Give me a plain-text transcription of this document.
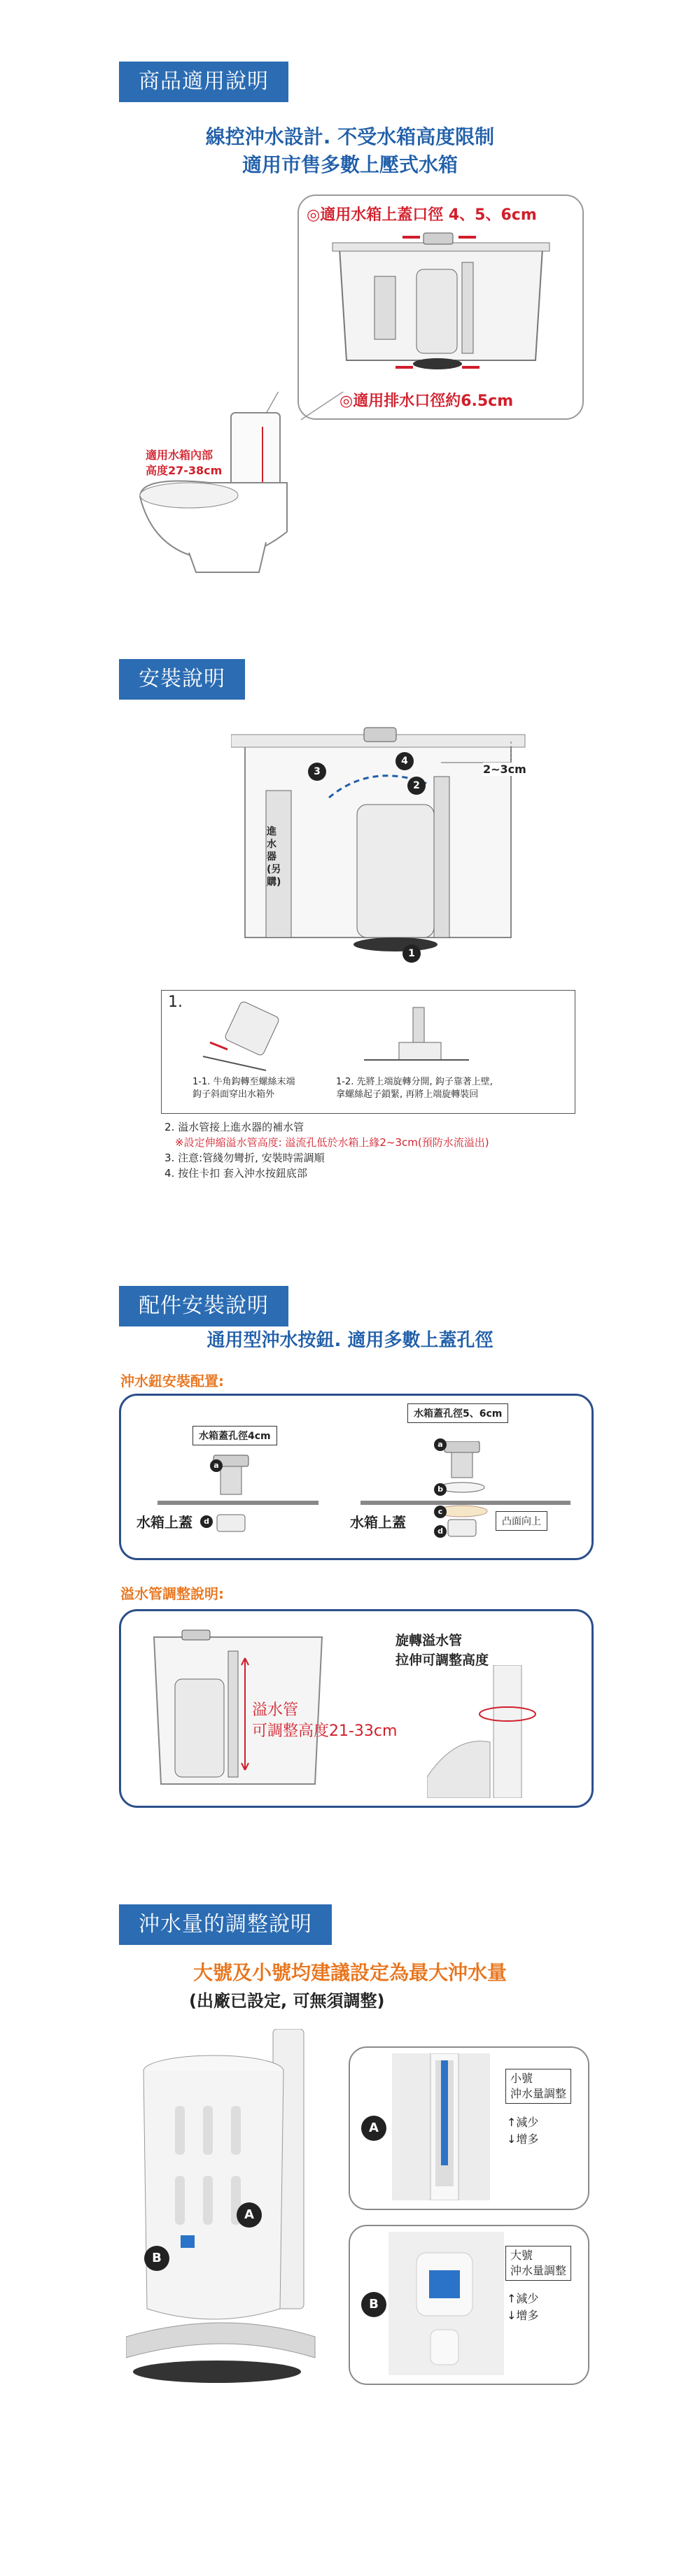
商品適用說明
線控沖水設計. 不受水箱高度限制
適用市售多數上壓式水箱
◎適用水箱上蓋口徑 4、5、6cm
◎適用排水口徑約6.5cm
適用水箱內部
高度27-38cm
安裝說明
2~3cm
進水器(另購)
1
2
3
4
1.
1-1. 牛角鈎轉至螺絲末端
鈎子斜面穿出水箱外
1-2. 先將上端旋轉分開, 鈎子靠著上壁,
拿螺絲起子鎖緊, 再將上端旋轉裝回
2. 溢水管接上進水器的補水管
※設定伸縮溢水管高度: 溢流孔低於水箱上緣2~3cm(預防水流溢出)
3. 注意:管綫勿彎折, 安裝時需調順
4. 按住卡扣 套入沖水按鈕底部
配件安裝說明
通用型沖水按鈕. 適用多數上蓋孔徑
沖水鈕安裝配置:
水箱蓋孔徑4cm
水箱蓋孔徑5、6cm
a
d
a
b
c
d
水箱上蓋	水箱上蓋	凸面向上
溢水管調整說明:
溢水管
可調整高度21-33cm
旋轉溢水管
拉伸可調整高度
沖水量的調整說明
大號及小號均建議設定為最大沖水量
(出廠已設定, 可無須調整)
A
B
A
小號
沖水量調整
↑減少
↓增多
B
大號
沖水量調整
↑減少
↓增多
